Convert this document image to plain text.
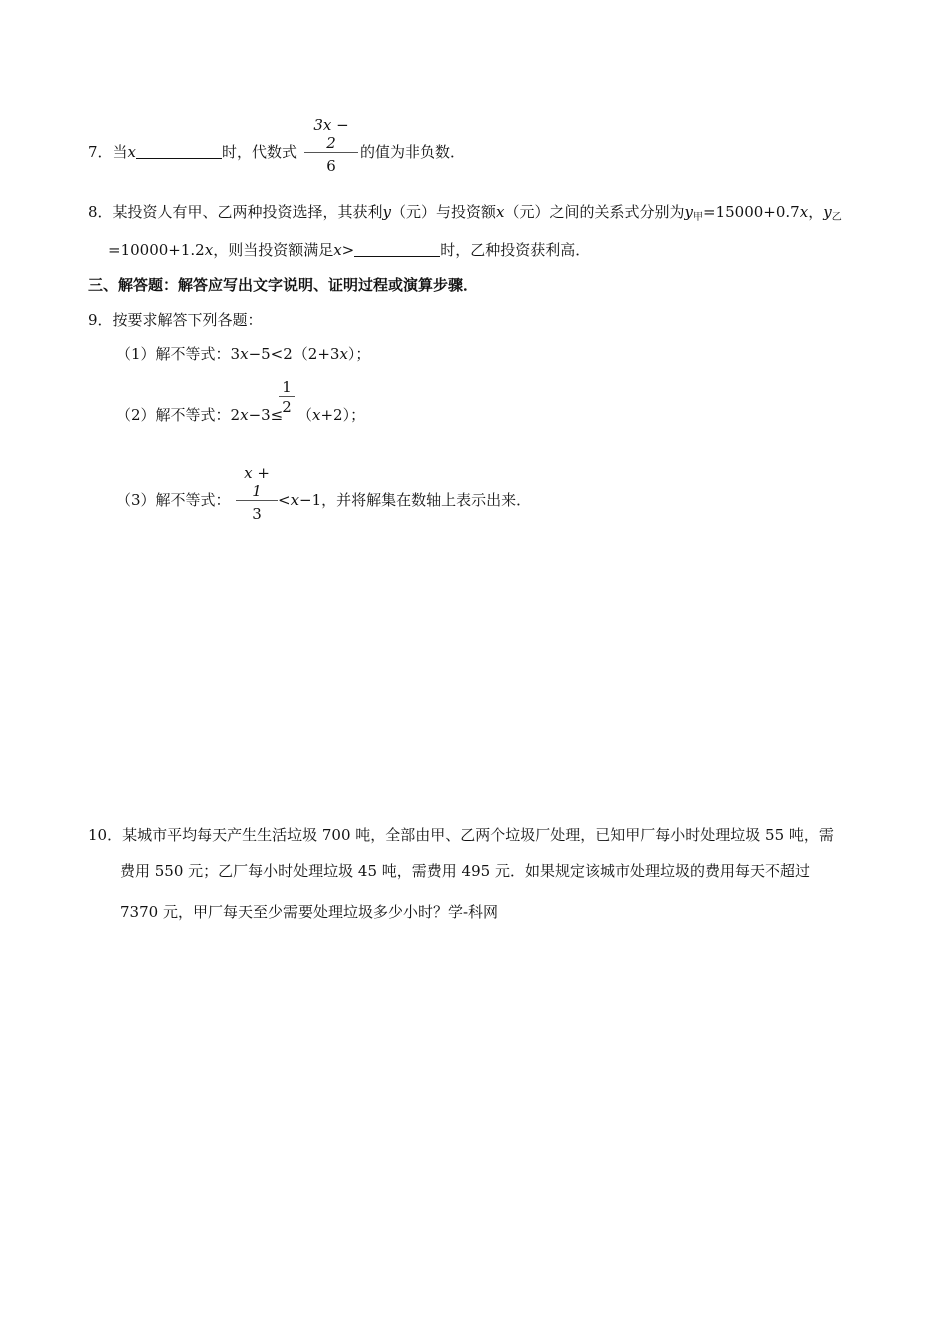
7．当x	时，代数式
3x − 2
6
的值为非负数．
8．某投资人有甲、乙两种投资选择，其获利y（元）与投资额x（元）之间的关系式分别为$y_甲=15000+0.7x$，$y_乙$
=10000+1.2x，则当投资额满足x>	时，乙种投资获利高．
三、解答题：解答应写出文字说明、证明过程或演算步骤．
9．按要求解答下列各题：
（1）解不等式：3x−5<2（2+3x）；
（2）解不等式：2x−3≤
1
2 （x+2）；
（3）解不等式：
x + 1
3
<x−1，并将解集在数轴上表示出来．
10．某城市平均每天产生生活垃圾 700 吨，全部由甲、乙两个垃圾厂处理，已知甲厂每小时处理垃圾 55 吨，需
费用 550 元；乙厂每小时处理垃圾 45 吨，需费用 495 元．如果规定该城市处理垃圾的费用每天不超过
7370 元，甲厂每天至少需要处理垃圾多少小时？学-科网
